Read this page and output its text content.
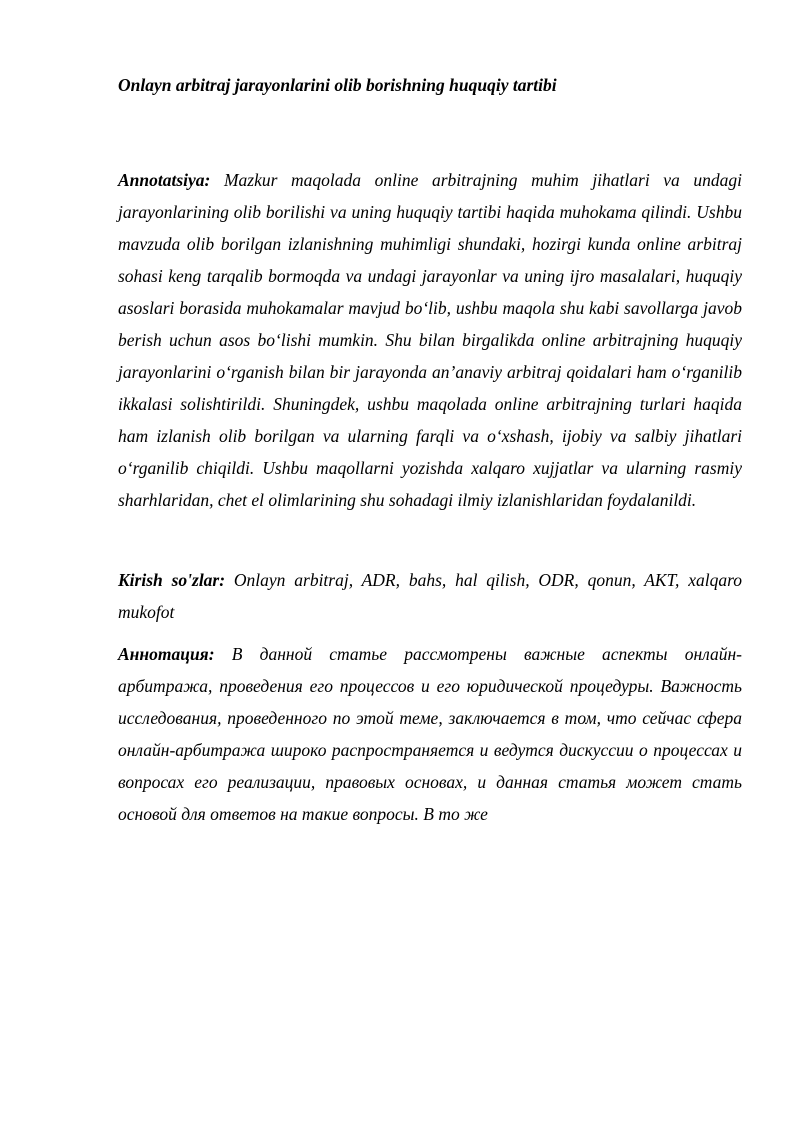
Onlayn arbitraj jarayonlarini olib borishning huquqiy tartibi

Annotatsiya: Mazkur maqolada online arbitrajning muhim jihatlari va undagi jarayonlarining olib borilishi va uning huquqiy tartibi haqida muhokama qilindi. Ushbu mavzuda olib borilgan izlanishning muhimligi shundaki, hozirgi kunda online arbitraj sohasi keng tarqalib bormoqda va undagi jarayonlar va uning ijro masalalari, huquqiy asoslari borasida muhokamalar mavjud bo‘lib, ushbu maqola shu kabi savollarga javob berish uchun asos bo‘lishi mumkin. Shu bilan birgalikda online arbitrajning huquqiy jarayonlarini o‘rganish bilan bir jarayonda an’anaviy arbitraj qoidalari ham o‘rganilib ikkalasi solishtirildi. Shuningdek, ushbu maqolada online arbitrajning turlari haqida ham izlanish olib borilgan va ularning farqli va o‘xshash, ijobiy va salbiy jihatlari o‘rganilib chiqildi. Ushbu maqollarni yozishda xalqaro xujjatlar va ularning rasmiy sharhlaridan, chet el olimlarining shu sohadagi ilmiy izlanishlaridan foydalanildi.

Kirish so'zlar: Onlayn arbitraj, ADR, bahs, hal qilish, ODR, qonun, AKT, xalqaro mukofot

Аннотация: В данной статье рассмотрены важные аспекты онлайн-арбитража, проведения его процессов и его юридической процедуры. Важность исследования, проведенного по этой теме, заключается в том, что сейчас сфера онлайн-арбитража широко распространяется и ведутся дискуссии о процессах и вопросах его реализации, правовых основах, и данная статья может стать основой для ответов на такие вопросы. В то же
